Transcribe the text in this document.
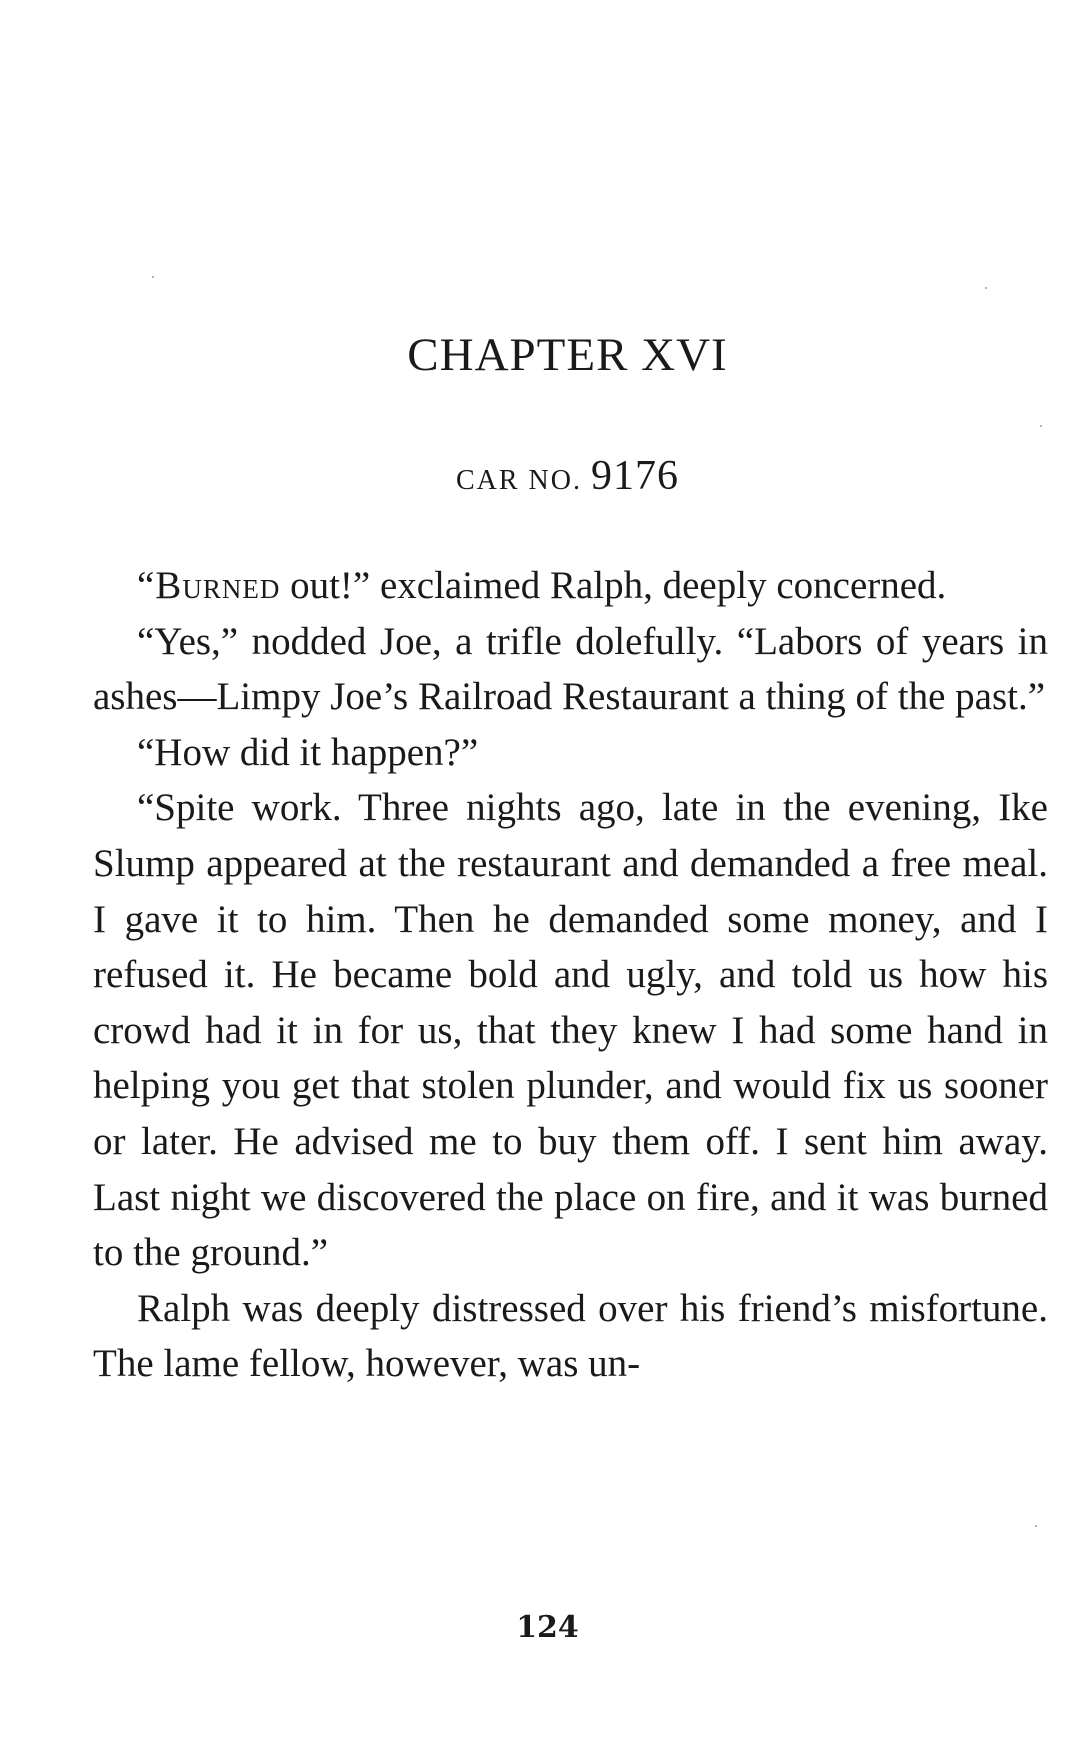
CHAPTER XVI
CAR NO. 9176

“Burned out!” exclaimed Ralph, deeply concerned.

“Yes,” nodded Joe, a trifle dolefully. “Labors of years in ashes—Limpy Joe’s Railroad Restaurant a thing of the past.”

“How did it happen?”

“Spite work. Three nights ago, late in the evening, Ike Slump appeared at the restaurant and demanded a free meal. I gave it to him. Then he demanded some money, and I refused it. He became bold and ugly, and told us how his crowd had it in for us, that they knew I had some hand in helping you get that stolen plunder, and would fix us sooner or later. He advised me to buy them off. I sent him away. Last night we discovered the place on fire, and it was burned to the ground.”

Ralph was deeply distressed over his friend’s misfortune. The lame fellow, however, was un-

124
